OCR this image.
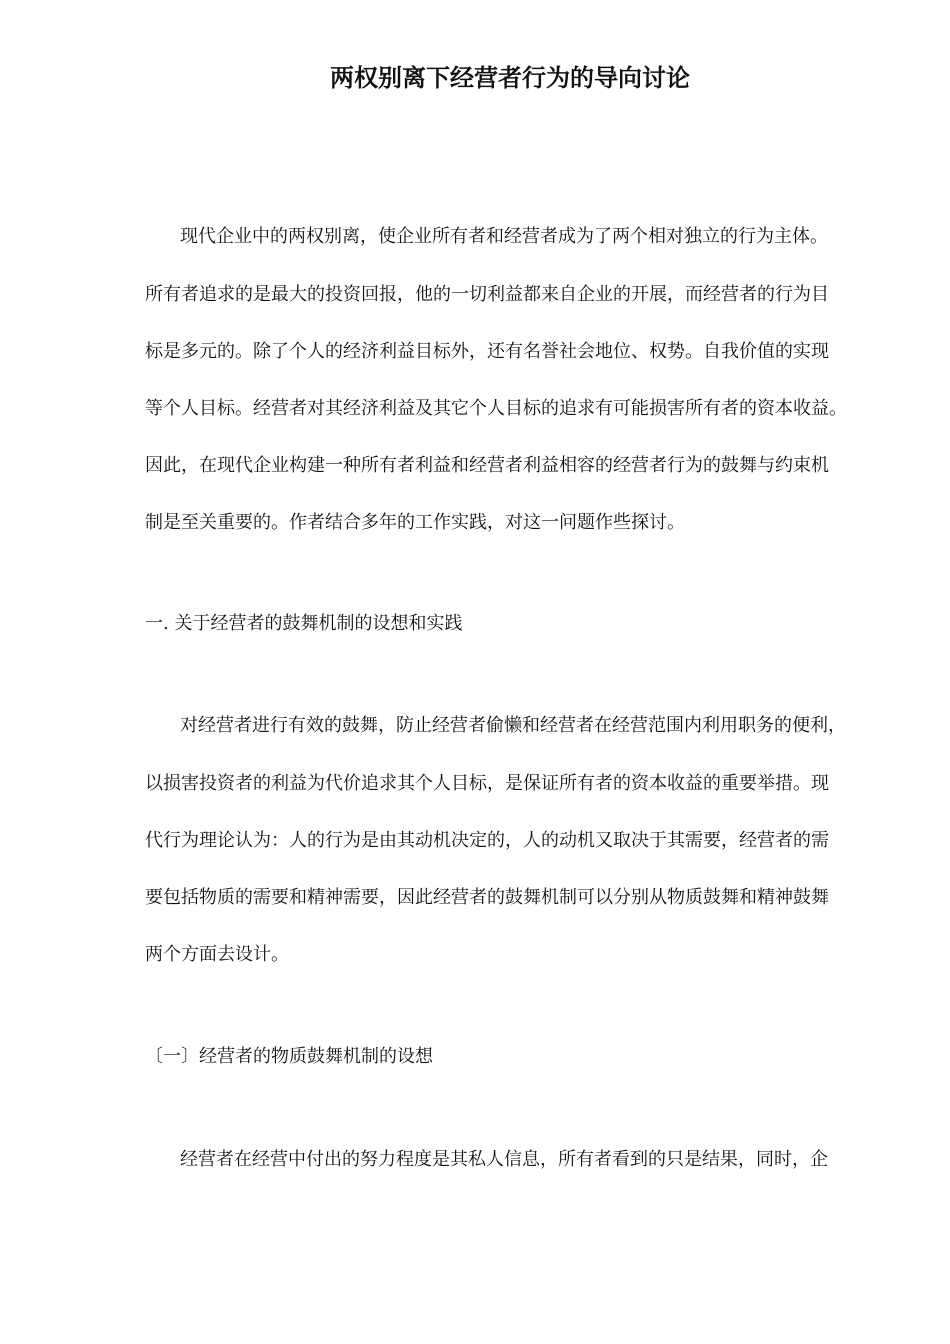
两权别离下经营者行为的导向讨论
现代企业中的两权别离，使企业所有者和经营者成为了两个相对独立的行为主体。
所有者追求的是最大的投资回报，他的一切利益都来自企业的开展，而经营者的行为目
标是多元的。除了个人的经济利益目标外，还有名誉社会地位、权势。自我价值的实现
等个人目标。经营者对其经济利益及其它个人目标的追求有可能损害所有者的资本收益。
因此，在现代企业构建一种所有者利益和经营者利益相容的经营者行为的鼓舞与约束机
制是至关重要的。作者结合多年的工作实践，对这一问题作些探讨。
一. 关于经营者的鼓舞机制的设想和实践
对经营者进行有效的鼓舞，防止经营者偷懒和经营者在经营范围内利用职务的便利，
以损害投资者的利益为代价追求其个人目标，是保证所有者的资本收益的重要举措。现
代行为理论认为：人的行为是由其动机决定的，人的动机又取决于其需要，经营者的需
要包括物质的需要和精神需要，因此经营者的鼓舞机制可以分别从物质鼓舞和精神鼓舞
两个方面去设计。
〔一〕经营者的物质鼓舞机制的设想
经营者在经营中付出的努力程度是其私人信息，所有者看到的只是结果，同时，企
